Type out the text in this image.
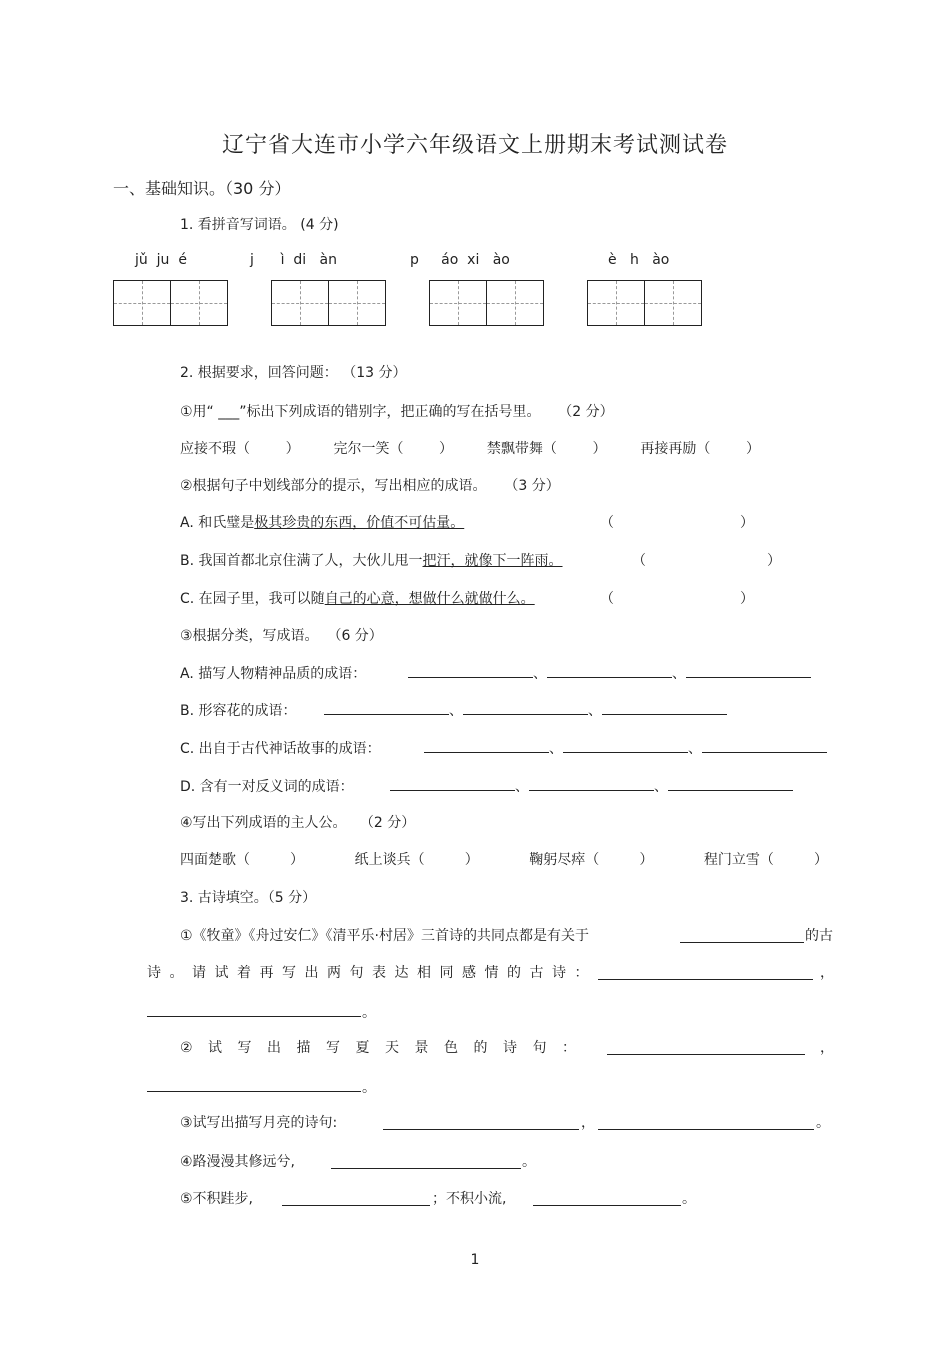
辽宁省大连市小学六年级语文上册期末考试测试卷
一、基础知识。（30 分）
1. 看拼音写词语。 (4 分)
jǔ  ju  é	j      ì  di   àn	p     áo  xi   ào	è   h   ào
2. 根据要求，回答问题： （13 分）
①用“ ___”标出下列成语的错别字，把正确的写在括号里。    （2 分）
应接不瑕（        ） 完尔一笑（        ） 禁飘带舞（        ） 再接再励（        ）
②根据句子中划线部分的提示，写出相应的成语。    （3 分）
A. 和氏璧是极其珍贵的东西，价值不可估量。	（	）
B. 我国首都北京住满了人，大伙儿甩一把汗，就像下一阵雨。	（	）
C. 在园子里，我可以随自己的心意，想做什么就做什么。	（	）
③根据分类，写成语。  （6 分）
A. 描写人物精神品质的成语：	、	、
B. 形容花的成语：	、	、
C. 出自于古代神话故事的成语：	、	、
D. 含有一对反义词的成语：	、	、
④写出下列成语的主人公。   （2 分）
四面楚歌（         ）	纸上谈兵（         ）	鞠躬尽瘁（         ）	程门立雪（         ）
3. 古诗填空。（5 分）
①《牧童》《舟过安仁》《清平乐·村居》三首诗的共同点都是有关于	的古
诗。请试着再写出两句表达相同感情的古诗：	，
。
②试写出描写夏天景色的诗句：	，
。
③试写出描写月亮的诗句:	，	。
④路漫漫其修远兮,	。
⑤不积跬步,	；不积小流,	。
1
